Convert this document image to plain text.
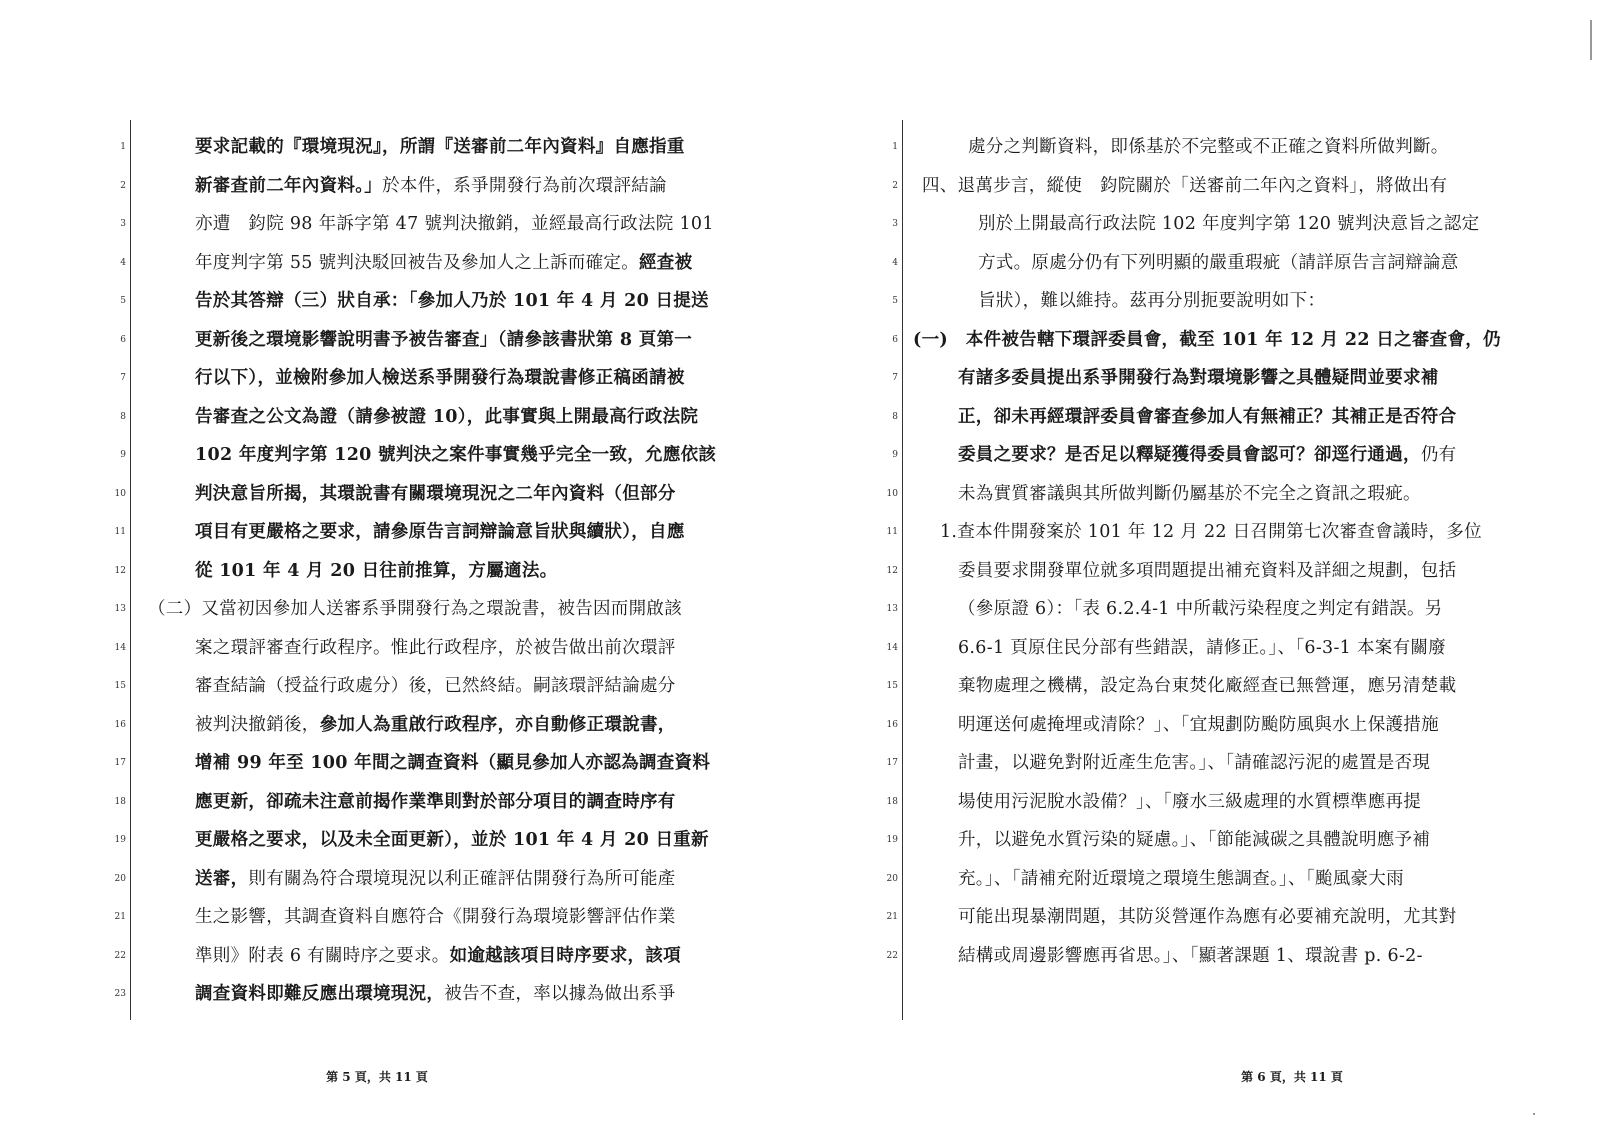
要求記載的『環境現況』，所謂『送審前二年內資料』自應指重
新審查前二年內資料。」於本件，系爭開發行為前次環評結論
亦遭　鈞院 98 年訴字第 47 號判決撤銷，並經最高行政法院 101
年度判字第 55 號判決駁回被告及參加人之上訴而確定。經查被
告於其答辯（三）狀自承：「參加人乃於 101 年 4 月 20 日提送
更新後之環境影響說明書予被告審查」（請參該書狀第 8 頁第一
行以下），並檢附參加人檢送系爭開發行為環說書修正稿函請被
告審查之公文為證（請參被證 10），此事實與上開最高行政法院
102 年度判字第 120 號判決之案件事實幾乎完全一致，允應依該
判決意旨所揭，其環說書有關環境現況之二年內資料（但部分
項目有更嚴格之要求，請參原告言詞辯論意旨狀與續狀），自應
從 101 年 4 月 20 日往前推算，方屬適法。
（二）又當初因參加人送審系爭開發行為之環說書，被告因而開啟該
案之環評審查行政程序。惟此行政程序，於被告做出前次環評
審查結論（授益行政處分）後，已然終結。嗣該環評結論處分
被判決撤銷後，參加人為重啟行政程序，亦自動修正環說書，
增補 99 年至 100 年間之調查資料（顯見參加人亦認為調查資料
應更新，卻疏未注意前揭作業準則對於部分項目的調查時序有
更嚴格之要求，以及未全面更新），並於 101 年 4 月 20 日重新
送審，則有關為符合環境現況以利正確評估開發行為所可能產
生之影響，其調查資料自應符合《開發行為環境影響評估作業
準則》附表 6 有關時序之要求。如逾越該項目時序要求，該項
調查資料即難反應出環境現況，被告不查，率以據為做出系爭
第 5 頁，共 11 頁
1
2
3
4
5
6
7
8
9
10
11
12
13
14
15
16
17
18
19
20
21
22
23
處分之判斷資料，即係基於不完整或不正確之資料所做判斷。
四、退萬步言，縱使　鈞院關於「送審前二年內之資料」，將做出有
別於上開最高行政法院 102 年度判字第 120 號判決意旨之認定
方式。原處分仍有下列明顯的嚴重瑕疵（請詳原告言詞辯論意
旨狀），難以維持。茲再分別扼要說明如下：
(一)　本件被告轄下環評委員會，截至 101 年 12 月 22 日之審查會，仍
有諸多委員提出系爭開發行為對環境影響之具體疑問並要求補
正，卻未再經環評委員會審查參加人有無補正？其補正是否符合
委員之要求？是否足以釋疑獲得委員會認可？卻逕行通過，仍有
未為實質審議與其所做判斷仍屬基於不完全之資訊之瑕疵。
1.查本件開發案於 101 年 12 月 22 日召開第七次審查會議時，多位
委員要求開發單位就多項問題提出補充資料及詳細之規劃，包括
（參原證 6）：「表 6.2.4-1 中所載污染程度之判定有錯誤。另
6.6-1 頁原住民分部有些錯誤，請修正。」、「6-3-1 本案有關廢
棄物處理之機構，設定為台東焚化廠經查已無營運，應另清楚載
明運送何處掩埋或清除？」、「宜規劃防颱防風與水上保護措施
計畫，以避免對附近產生危害。」、「請確認污泥的處置是否現
場使用污泥脫水設備？」、「廢水三級處理的水質標準應再提
升，以避免水質污染的疑慮。」、「節能減碳之具體說明應予補
充。」、「請補充附近環境之環境生態調查。」、「颱風豪大雨
可能出現暴潮問題，其防災營運作為應有必要補充說明，尤其對
結構或周邊影響應再省思。」、「顯著課題 1、環說書 p. 6-2-
第 6 頁，共 11 頁
1
2
3
4
5
6
7
8
9
10
11
12
13
14
15
16
17
18
19
20
21
22
